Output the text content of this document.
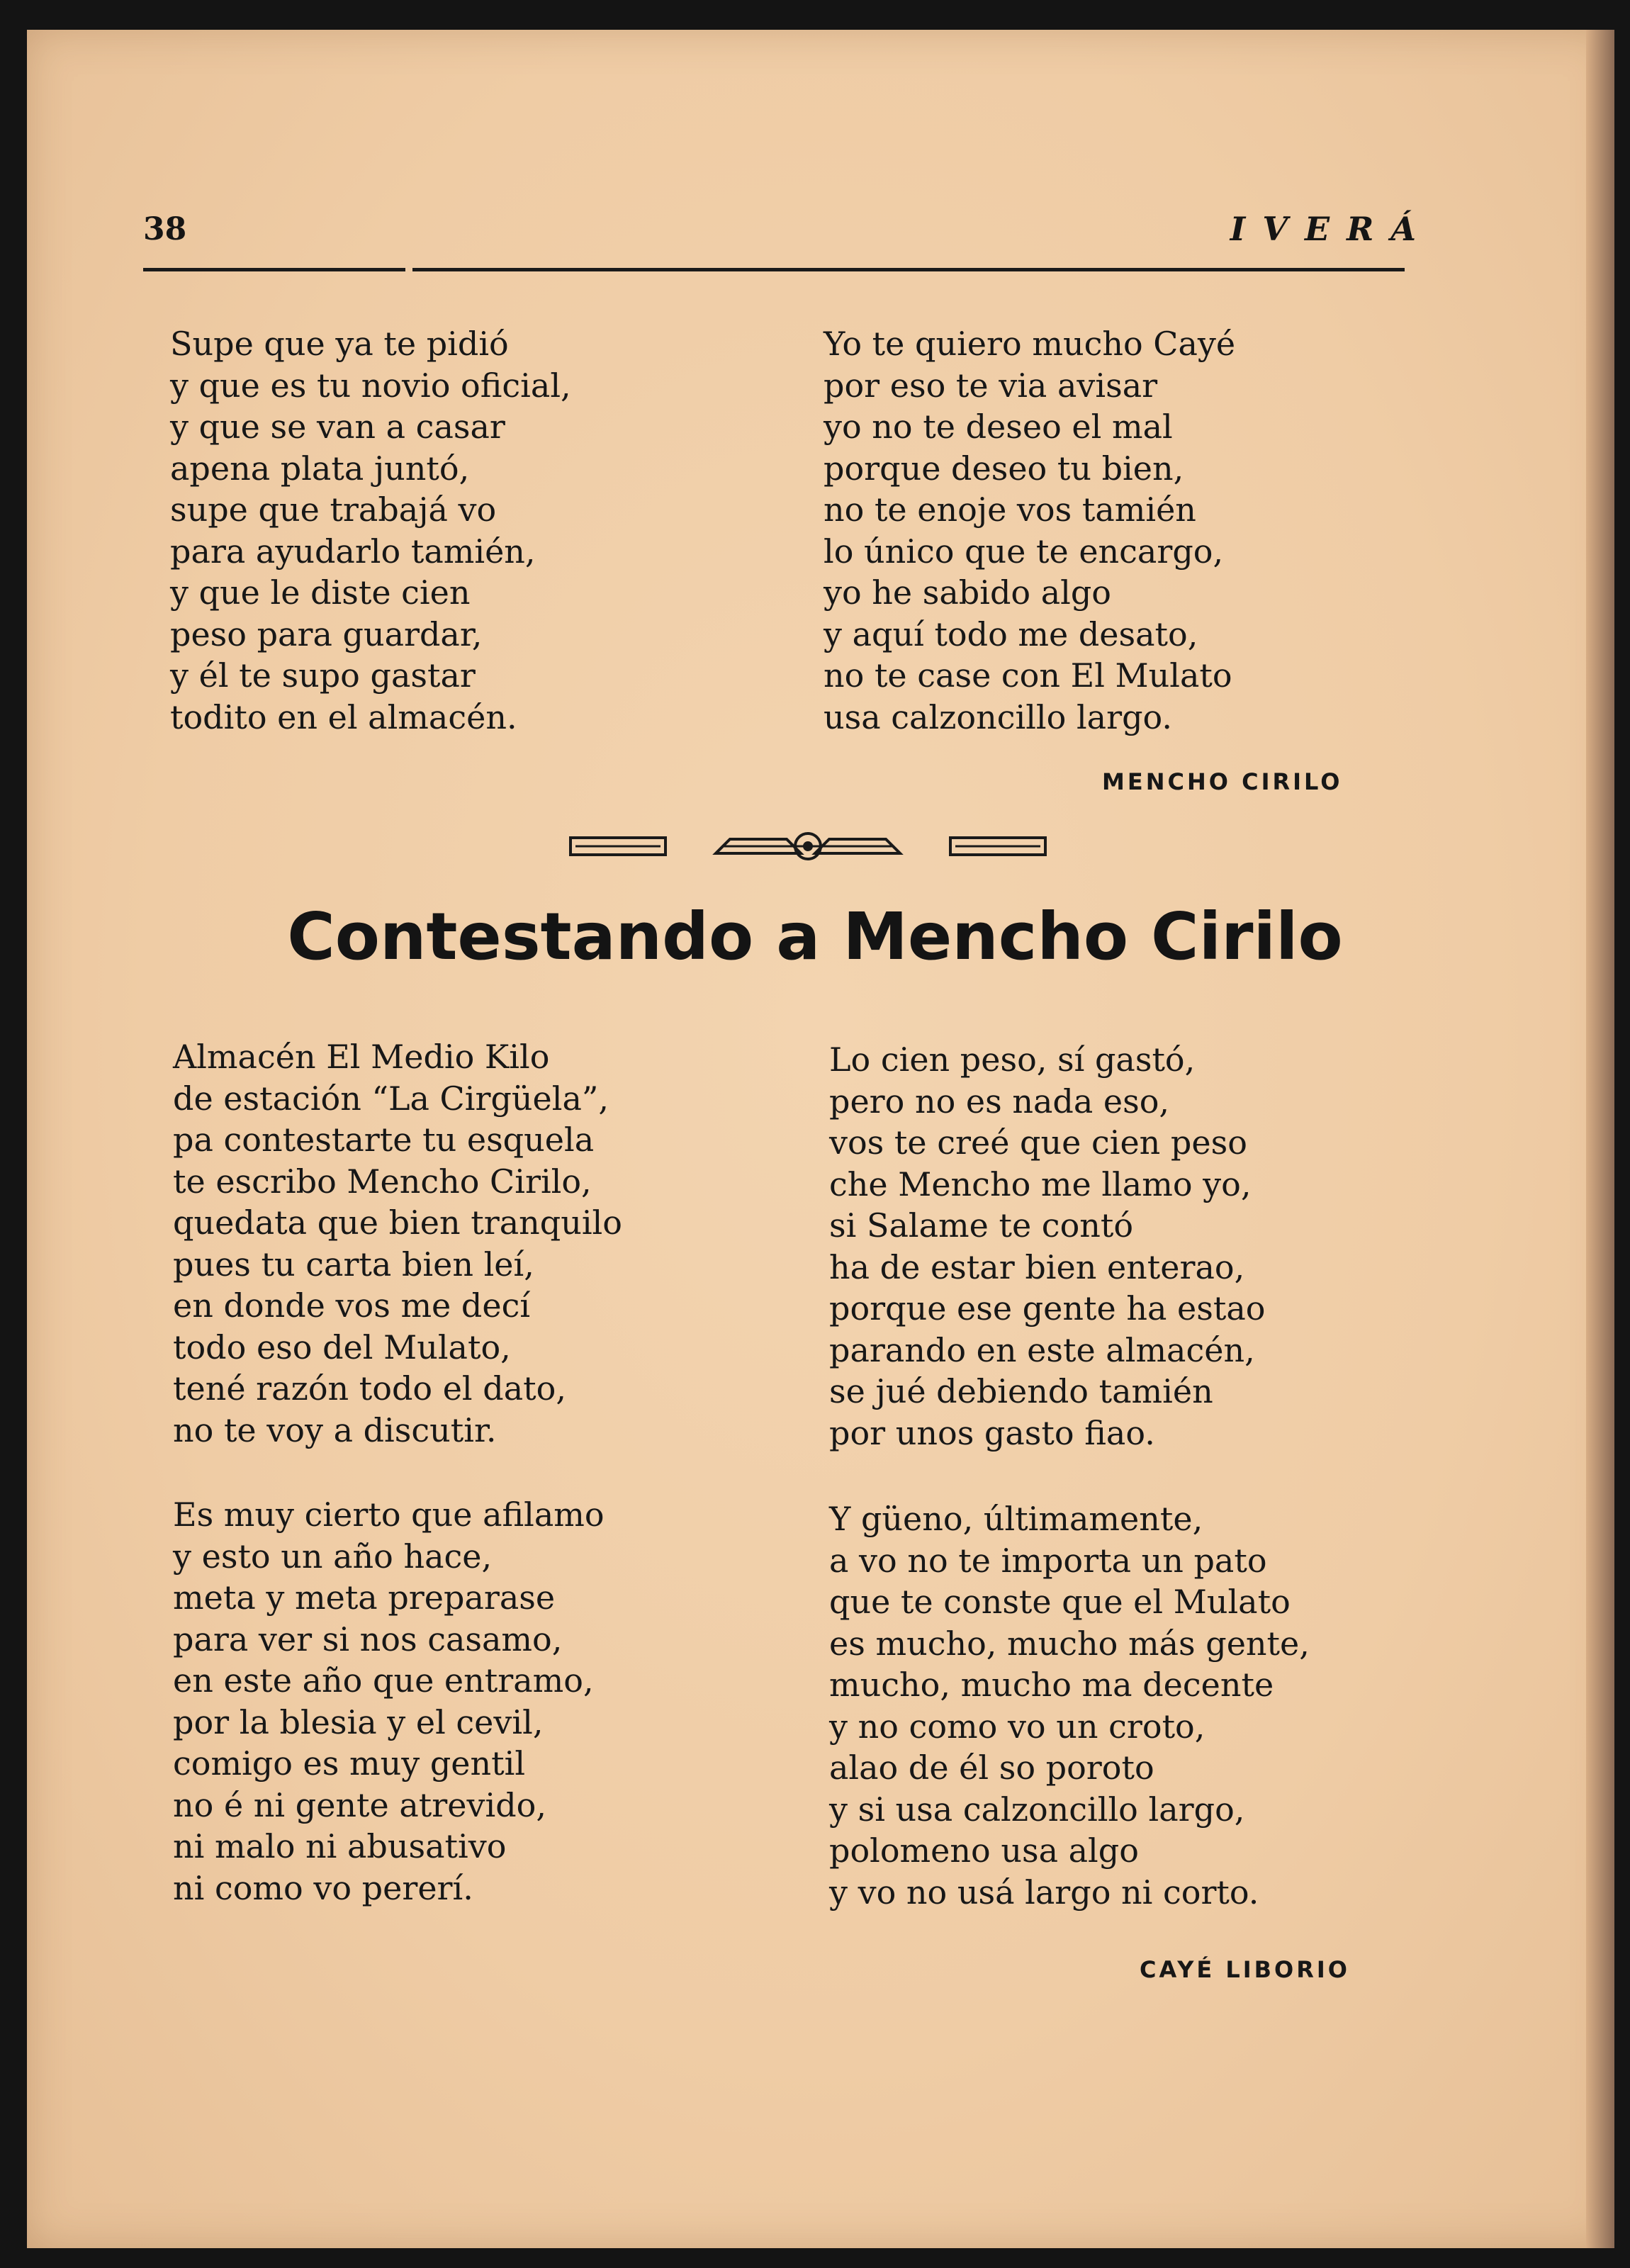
38	IVERÁ

Supe que ya te pidió

y que es tu novio oficial,

y que se van a casar

apena plata juntó,

supe que trabajá vo

para ayudarlo tamién,

y que le diste cien

peso para guardar,

y él te supo gastar

todito en el almacén.

Yo te quiero mucho Cayé

por eso te via avisar

yo no te deseo el mal

porque deseo tu bien,

no te enoje vos tamién

lo único que te encargo,

yo he sabido algo

y aquí todo me desato,

no te case con El Mulato

usa calzoncillo largo.

MENCHO CIRILO
Contestando a Mencho Cirilo

Almacén El Medio Kilo

de estación “La Cirgüela”,

pa contestarte tu esquela

te escribo Mencho Cirilo,

quedata que bien tranquilo

pues tu carta bien leí,

en donde vos me decí

todo eso del Mulato,

tené razón todo el dato,

no te voy a discutir.

Es muy cierto que afilamo

y esto un año hace,

meta y meta preparase

para ver si nos casamo,

en este año que entramo,

por la blesia y el cevil,

comigo es muy gentil

no é ni gente atrevido,

ni malo ni abusativo

ni como vo pererí.

Lo cien peso, sí gastó,

pero no es nada eso,

vos te creé que cien peso

che Mencho me llamo yo,

si Salame te contó

ha de estar bien enterao,

porque ese gente ha estao

parando en este almacén,

se jué debiendo tamién

por unos gasto fiao.

Y güeno, últimamente,

a vo no te importa un pato

que te conste que el Mulato

es mucho, mucho más gente,

mucho, mucho ma decente

y no como vo un croto,

alao de él so poroto

y si usa calzoncillo largo,

polomeno usa algo

y vo no usá largo ni corto.

CAYÉ LIBORIO
